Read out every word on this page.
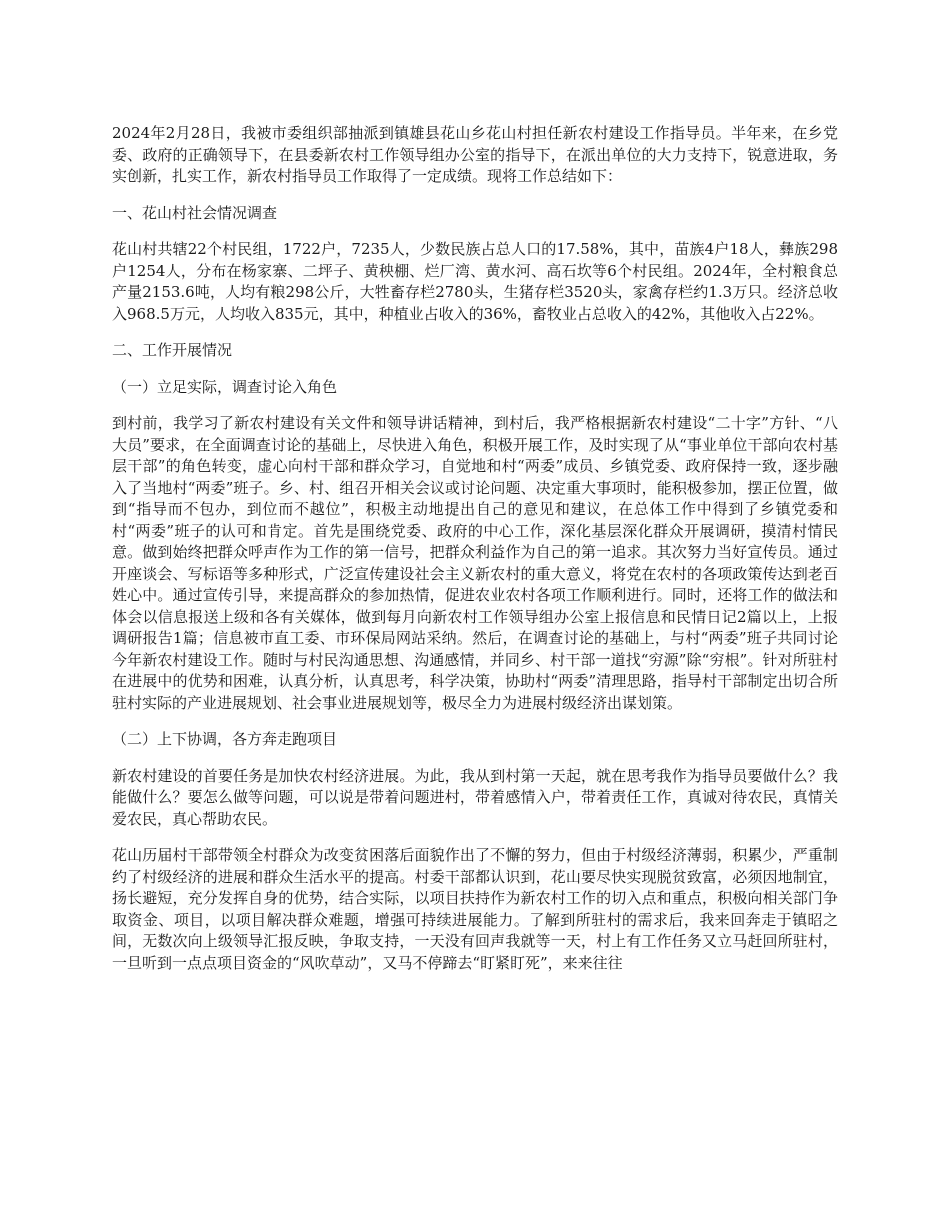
2024年2月28日，我被市委组织部抽派到镇雄县花山乡花山村担任新农村建设工作指导员。半年来，在乡党委、政府的正确领导下，在县委新农村工作领导组办公室的指导下，在派出单位的大力支持下，锐意进取，务实创新，扎实工作，新农村指导员工作取得了一定成绩。现将工作总结如下：

一、花山村社会情况调查

花山村共辖22个村民组，1722户，7235人，少数民族占总人口的17.58%，其中，苗族4户18人，彝族298户1254人，分布在杨家寨、二坪子、黄秧棚、烂厂湾、黄水河、高石坎等6个村民组。2024年，全村粮食总产量2153.6吨，人均有粮298公斤，大牲畜存栏2780头，生猪存栏3520头，家禽存栏约1.3万只。经济总收入968.5万元，人均收入835元，其中，种植业占收入的36%，畜牧业占总收入的42%，其他收入占22%。

二、工作开展情况

（一）立足实际，调查讨论入角色

到村前，我学习了新农村建设有关文件和领导讲话精神，到村后，我严格根据新农村建设“二十字”方针、“八大员”要求，在全面调查讨论的基础上，尽快进入角色，积极开展工作，及时实现了从“事业单位干部向农村基层干部”的角色转变，虚心向村干部和群众学习，自觉地和村“两委”成员、乡镇党委、政府保持一致，逐步融入了当地村“两委”班子。乡、村、组召开相关会议或讨论问题、决定重大事项时，能积极参加，摆正位置，做到“指导而不包办，到位而不越位”，积极主动地提出自己的意见和建议，在总体工作中得到了乡镇党委和村“两委”班子的认可和肯定。首先是围绕党委、政府的中心工作，深化基层深化群众开展调研，摸清村情民意。做到始终把群众呼声作为工作的第一信号，把群众利益作为自己的第一追求。其次努力当好宣传员。通过开座谈会、写标语等多种形式，广泛宣传建设社会主义新农村的重大意义，将党在农村的各项政策传达到老百姓心中。通过宣传引导，来提高群众的参加热情，促进农业农村各项工作顺利进行。同时，还将工作的做法和体会以信息报送上级和各有关媒体，做到每月向新农村工作领导组办公室上报信息和民情日记2篇以上，上报调研报告1篇；信息被市直工委、市环保局网站采纳。然后，在调查讨论的基础上，与村“两委”班子共同讨论今年新农村建设工作。随时与村民沟通思想、沟通感情，并同乡、村干部一道找“穷源”除“穷根”。针对所驻村在进展中的优势和困难，认真分析，认真思考，科学决策，协助村“两委”清理思路，指导村干部制定出切合所驻村实际的产业进展规划、社会事业进展规划等，极尽全力为进展村级经济出谋划策。

（二）上下协调，各方奔走跑项目

新农村建设的首要任务是加快农村经济进展。为此，我从到村第一天起，就在思考我作为指导员要做什么？我能做什么？要怎么做等问题，可以说是带着问题进村，带着感情入户，带着责任工作，真诚对待农民，真情关爱农民，真心帮助农民。

花山历届村干部带领全村群众为改变贫困落后面貌作出了不懈的努力，但由于村级经济薄弱，积累少，严重制约了村级经济的进展和群众生活水平的提高。村委干部都认识到，花山要尽快实现脱贫致富，必须因地制宜，扬长避短，充分发挥自身的优势，结合实际，以项目扶持作为新农村工作的切入点和重点，积极向相关部门争取资金、项目，以项目解决群众难题，增强可持续进展能力。了解到所驻村的需求后，我来回奔走于镇昭之间，无数次向上级领导汇报反映，争取支持，一天没有回声我就等一天，村上有工作任务又立马赶回所驻村，一旦听到一点点项目资金的“风吹草动”，又马不停蹄去“盯紧盯死”，来来往往
